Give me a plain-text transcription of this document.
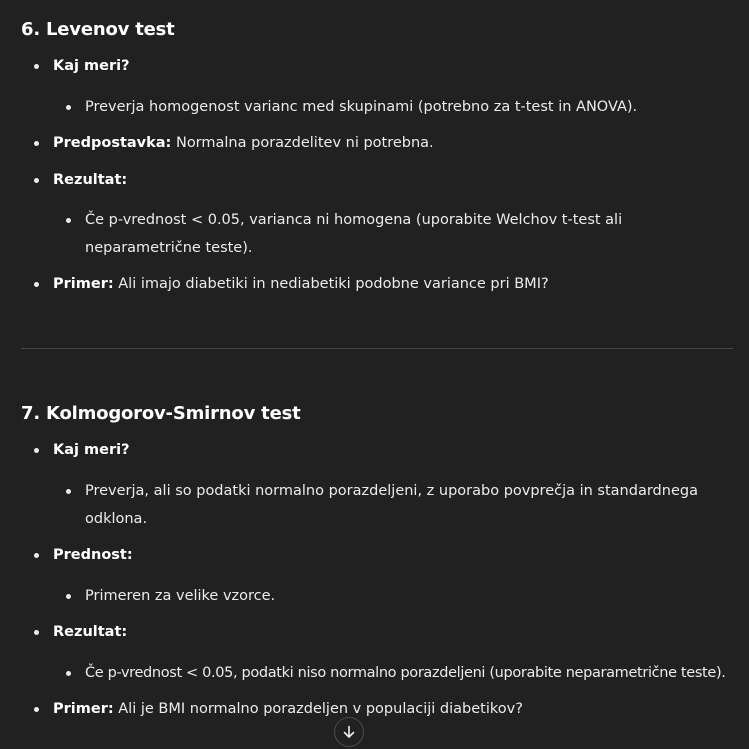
6. Levenov test
Kaj meri?
Preverja homogenost varianc med skupinami (potrebno za t-test in ANOVA).
Predpostavka: Normalna porazdelitev ni potrebna.
Rezultat:
Če p-vrednost < 0.05, varianca ni homogena (uporabite Welchov t-test ali neparametrične teste).
Primer: Ali imajo diabetiki in nediabetiki podobne variance pri BMI?
7. Kolmogorov-Smirnov test
Kaj meri?
Preverja, ali so podatki normalno porazdeljeni, z uporabo povprečja in standardnega odklona.
Prednost:
Primeren za velike vzorce.
Rezultat:
Če p-vrednost < 0.05, podatki niso normalno porazdeljeni (uporabite neparametrične teste).
Primer: Ali je BMI normalno porazdeljen v populaciji diabetikov?
